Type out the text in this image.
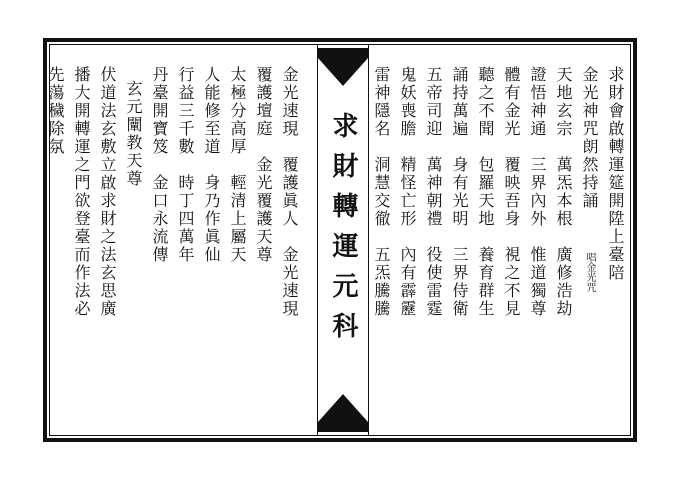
金光速現　覆護眞人　金光速現
覆護壇庭　金光覆護天尊
太極分高厚　輕清上屬天
人能修至道　身乃作眞仙
行益三千數　時丁四萬年
丹臺開寶笈　金口永流傳
玄元闡教天尊
伏道法玄敷立啟求財之法玄思廣
播大開轉運之門欲登臺而作法必
先蕩穢除氛
求財轉運元科	求財會啟轉運筵開陞上臺陪
金光神咒朗然持誦
唱金光咒
天地玄宗　萬炁本根　廣修浩劫
證悟神通　三界內外　惟道獨尊
體有金光　覆映吾身　視之不見
聽之不聞　包羅天地　養育群生
誦持萬遍　身有光明　三界侍衛
五帝司迎　萬神朝禮　役使雷霆
鬼妖喪膽　精怪亡形　內有霹靂
雷神隱名　洞慧交徹　五炁騰騰
